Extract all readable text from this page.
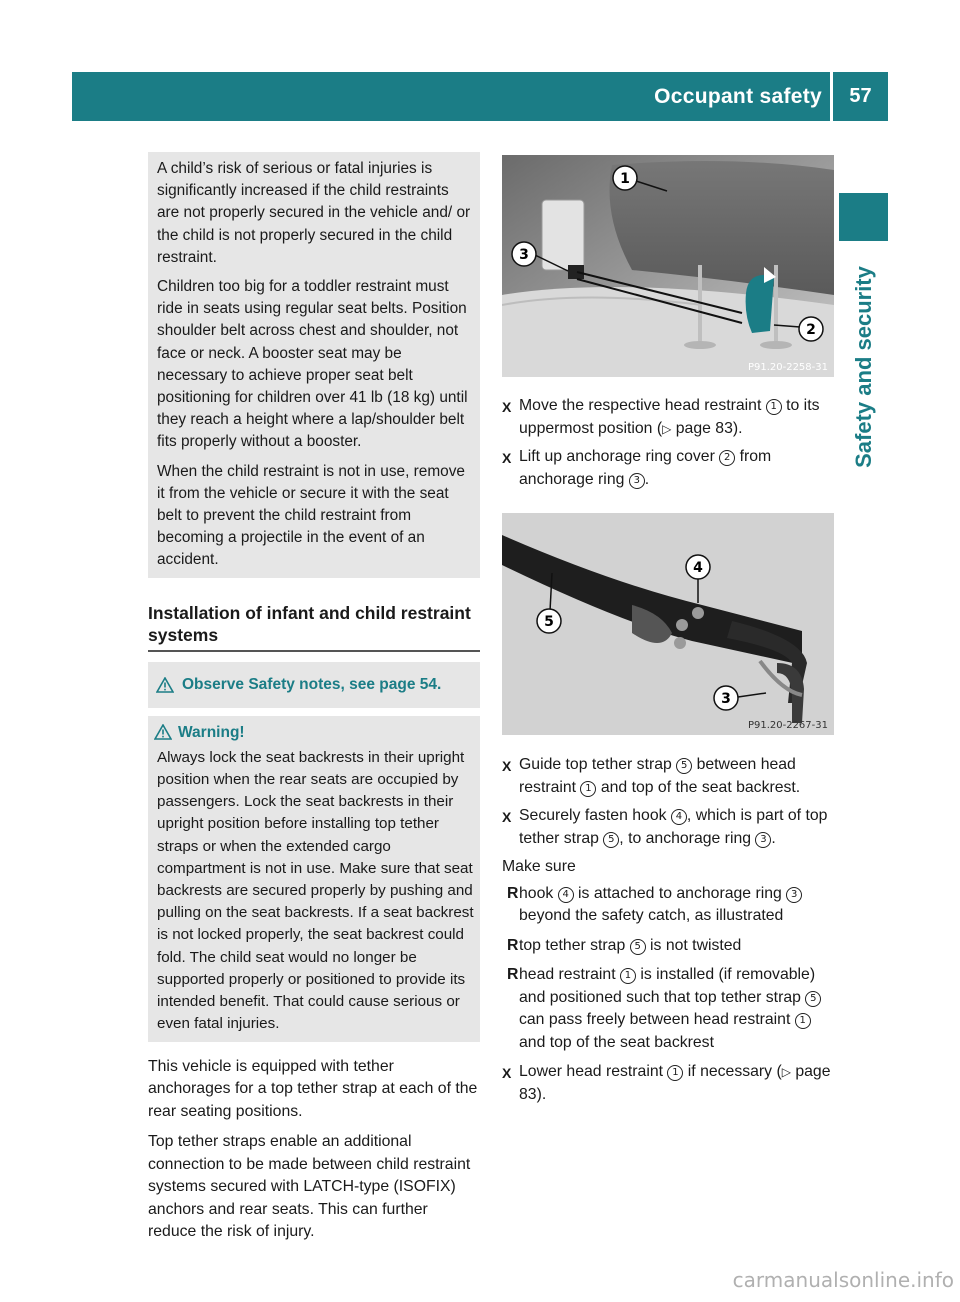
Occupant safety	57
Safety and security

A child’s risk of serious or fatal injuries is significantly increased if the child restraints are not properly secured in the vehicle and/ or the child is not properly secured in the child restraint.

Children too big for a toddler restraint must ride in seats using regular seat belts. Position shoulder belt across chest and shoulder, not face or neck. A booster seat may be necessary to achieve proper seat belt positioning for children over 41 lb (18 kg) until they reach a height where a lap/shoulder belt fits properly without a booster.

When the child restraint is not in use, remove it from the vehicle or secure it with the seat belt to prevent the child restraint from becoming a projectile in the event of an accident.

Installation of infant and child restraint systems
Observe Safety notes, see page 54.
Warning!
Always lock the seat backrests in their upright position when the rear seats are occupied by passengers. Lock the seat backrests in their upright position before installing top tether straps or when the extended cargo compartment is not in use. Make sure that seat backrests are secured properly by pushing and pulling on the seat backrests. If a seat backrest is not locked properly, the seat backrest could fold. The child seat would no longer be supported properly or positioned to provide its intended benefit. That could cause serious or even fatal injuries.

This vehicle is equipped with tether anchorages for a top tether strap at each of the rear seating positions.

Top tether straps enable an additional connection to be made between child restraint systems secured with LATCH-type (ISOFIX) anchors and rear seats. This can further reduce the risk of injury.

1
3
2
P91.20-2258-31
X Move the respective head restraint 1 to its uppermost position (▷ page 83).
X Lift up anchorage ring cover 2 from anchorage ring 3 .
4
5
3
P91.20-2267-31
X Guide top tether strap 5 between head restraint 1 and top of the seat backrest.
X Securely fasten hook 4 , which is part of top tether strap 5 , to anchorage ring 3 .
Make sure
R hook 4 is attached to anchorage ring 3 beyond the safety catch, as illustrated
R top tether strap 5 is not twisted
R head restraint 1 is installed (if removable) and positioned such that top tether strap 5 can pass freely between head restraint 1 and top of the seat backrest
X Lower head restraint 1 if necessary (▷ page 83).
carmanualsonline.info
